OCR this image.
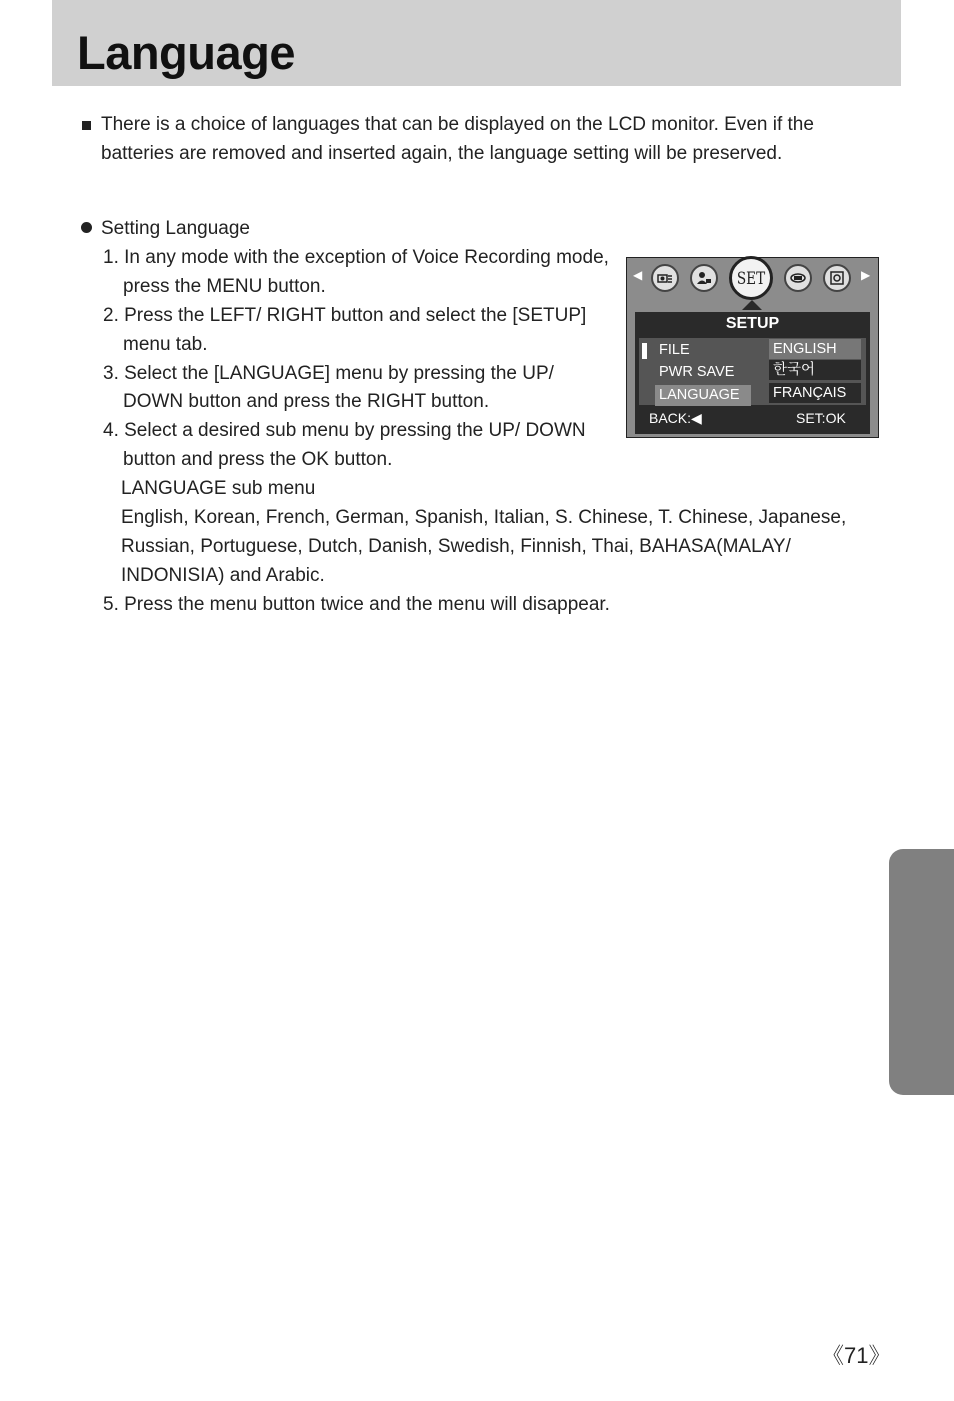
Language
There is a choice of languages that can be displayed on the LCD monitor. Even if the
batteries are removed and inserted again, the language setting will be preserved.
Setting Language
1. In any mode with the exception of Voice Recording mode,
press the MENU button.
2. Press the LEFT/ RIGHT button and select the [SETUP]
menu tab.
3. Select the [LANGUAGE] menu by pressing the UP/
DOWN button and press the RIGHT button.
4. Select a desired sub menu by pressing the UP/ DOWN
button and press the OK button.
LANGUAGE sub menu
English, Korean, French, German, Spanish, Italian, S. Chinese, T. Chinese, Japanese,
Russian, Portuguese, Dutch, Danish, Swedish, Finnish, Thai, BAHASA(MALAY/
INDONISIA) and Arabic.
5. Press the menu button twice and the menu will disappear.
◀	▶
SET
SETUP
FILE
PWR SAVE
LANGUAGE
ENGLISH
한국어
FRANÇAIS
BACK:◀	SET:OK
《71》
